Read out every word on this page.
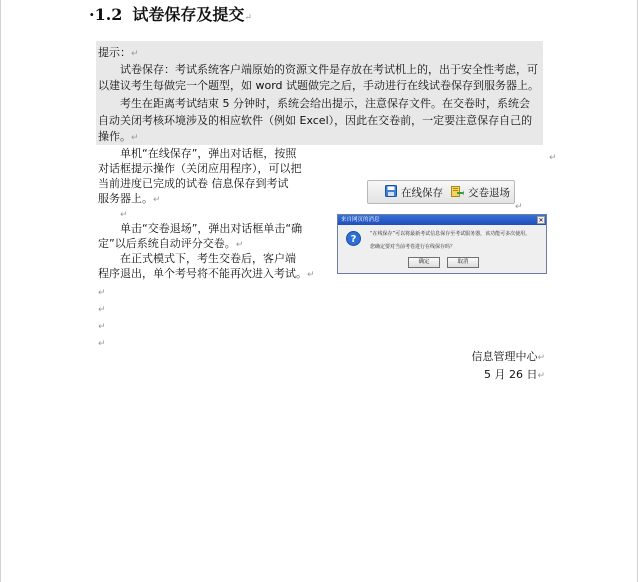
·1.2 试卷保存及提交↵
提示：↵
试卷保存：考试系统客户端原始的资源文件是存放在考试机上的，出于安全性考虑，可
以建议考生每做完一个题型，如 word 试题做完之后，手动进行在线试卷保存到服务器上。
考生在距离考试结束 5 分钟时，系统会给出提示，注意保存文件。在交卷时，系统会
自动关闭考核环境涉及的相应软件（例如 Excel），因此在交卷前，一定要注意保存自己的
操作。↵
单机“在线保存”，弹出对话框，按照
对话框提示操作（关闭应用程序），可以把
当前进度已完成的试卷 信息保存到考试
服务器上。↵
↵
单击“交卷退场”，弹出对话框单击“确
定”以后系统自动评分交卷。↵
在正式模式下，考生交卷后，客户端
程序退出，单个考号将不能再次进入考试。↵
↵
↵
↵
↵
在线保存 交卷退场
↵
↵
来自网页的消息	✕
?	“在线保存”可以将最新考试信息保存至考试服务器，该功能可多次使用。
您确定要对当前考卷进行在线保存吗？
确定	取消
信息管理中心↵
5 月 26 日↵
